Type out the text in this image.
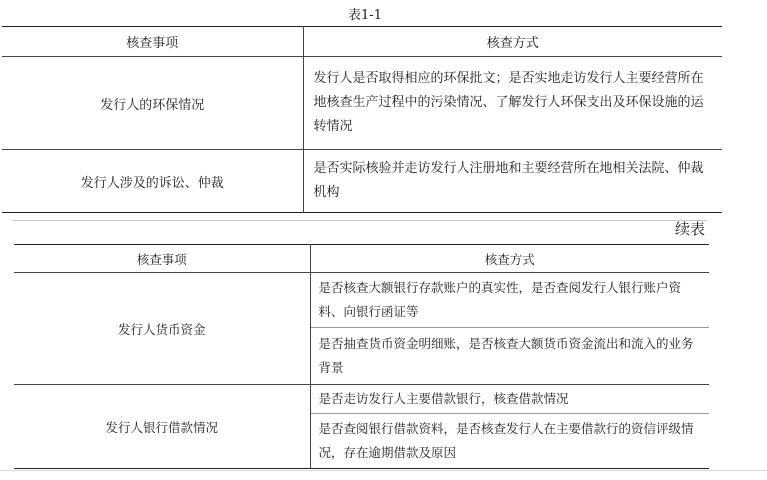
表1-1
核查事项	核查方式
发行人的环保情况	发行人是否取得相应的环保批文；是否实地走访发行人主要经营所在地核查生产过程中的污染情况、了解发行人环保支出及环保设施的运转情况
发行人涉及的诉讼、仲裁	是否实际核验并走访发行人注册地和主要经营所在地相关法院、仲裁机构
续表
核查事项	核查方式
发行人货币资金	是否核查大额银行存款账户的真实性，是否查阅发行人银行账户资料、向银行函证等
	是否抽查货币资金明细账，是否核查大额货币资金流出和流入的业务背景
发行人银行借款情况	是否走访发行人主要借款银行，核查借款情况
	是否查阅银行借款资料，是否核查发行人在主要借款行的资信评级情况，存在逾期借款及原因
